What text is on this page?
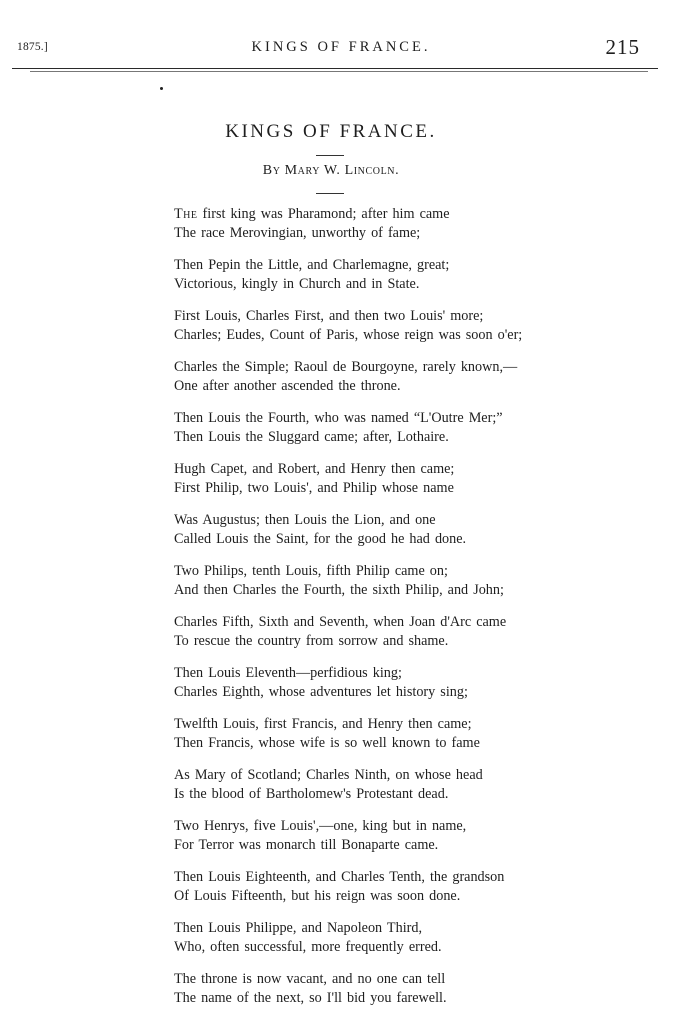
1875.]	KINGS OF FRANCE.	215
KINGS OF FRANCE.
By Mary W. Lincoln.
The first king was Pharamond; after him came
The race Merovingian, unworthy of fame;
Then Pepin the Little, and Charlemagne, great;
Victorious, kingly in Church and in State.
First Louis, Charles First, and then two Louis' more;
Charles; Eudes, Count of Paris, whose reign was soon o'er;
Charles the Simple; Raoul de Bourgoyne, rarely known,—
One after another ascended the throne.
Then Louis the Fourth, who was named “L'Outre Mer;”
Then Louis the Sluggard came; after, Lothaire.
Hugh Capet, and Robert, and Henry then came;
First Philip, two Louis', and Philip whose name
Was Augustus; then Louis the Lion, and one
Called Louis the Saint, for the good he had done.
Two Philips, tenth Louis, fifth Philip came on;
And then Charles the Fourth, the sixth Philip, and John;
Charles Fifth, Sixth and Seventh, when Joan d'Arc came
To rescue the country from sorrow and shame.
Then Louis Eleventh—perfidious king;
Charles Eighth, whose adventures let history sing;
Twelfth Louis, first Francis, and Henry then came;
Then Francis, whose wife is so well known to fame
As Mary of Scotland; Charles Ninth, on whose head
Is the blood of Bartholomew's Protestant dead.
Two Henrys, five Louis',—one, king but in name,
For Terror was monarch till Bonaparte came.
Then Louis Eighteenth, and Charles Tenth, the grandson
Of Louis Fifteenth, but his reign was soon done.
Then Louis Philippe, and Napoleon Third,
Who, often successful, more frequently erred.
The throne is now vacant, and no one can tell
The name of the next, so I'll bid you farewell.
